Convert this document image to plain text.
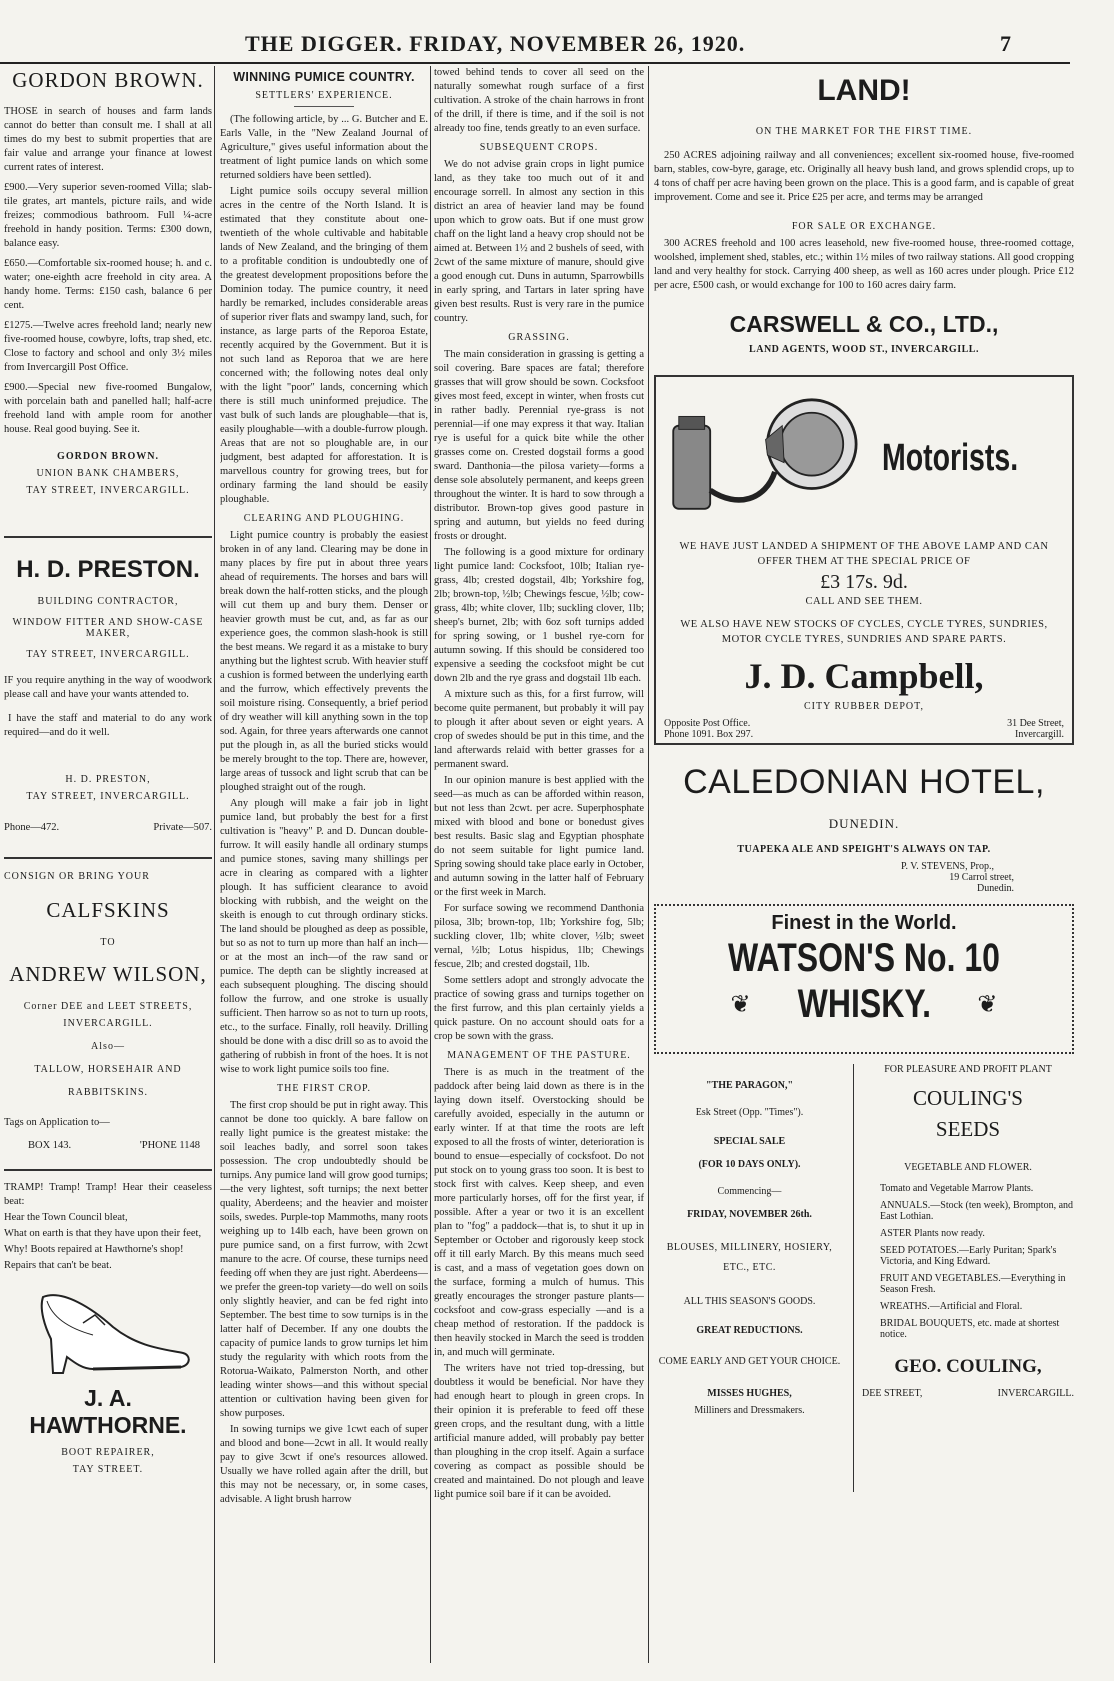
THE DIGGER. FRIDAY, NOVEMBER 26, 1920.	7
GORDON BROWN.

THOSE in search of houses and farm lands cannot do better than consult me. I shall at all times do my best to submit properties that are fair value and arrange your finance at lowest current rates of interest.

£900.—Very superior seven-roomed Villa; slab-tile grates, art mantels, picture rails, and wide freizes; commodious bathroom. Full ¼-acre freehold in handy position. Terms: £300 down, balance easy.

£650.—Comfortable six-roomed house; h. and c. water; one-eighth acre freehold in city area. A handy home. Terms: £150 cash, balance 6 per cent.

£1275.—Twelve acres freehold land; nearly new five-roomed house, cowbyre, lofts, trap shed, etc. Close to factory and school and only 3½ miles from Invercargill Post Office.

£900.—Special new five-roomed Bungalow, with porcelain bath and panelled hall; half-acre freehold land with ample room for another house. Real good buying. See it.

GORDON BROWN.
UNION BANK CHAMBERS,
TAY STREET, INVERCARGILL.
H. D. PRESTON.
BUILDING CONTRACTOR,
WINDOW FITTER AND SHOW-CASE MAKER,
TAY STREET, INVERCARGILL.

IF you require anything in the way of woodwork please call and have your wants attended to.

I have the staff and material to do any work required—and do it well.

H. D. PRESTON,
TAY STREET, INVERCARGILL.
Phone—472.	Private—507.
CONSIGN OR BRING YOUR
CALFSKINS
TO
ANDREW WILSON,
Corner DEE and LEET STREETS,
INVERCARGILL.
Also—
TALLOW, HORSEHAIR AND
RABBITSKINS.

Tags on Application to—

BOX 143.	'PHONE 1148

TRAMP! Tramp! Tramp! Hear their ceaseless beat:

Hear the Town Council bleat,

What on earth is that they have upon their feet,

Why! Boots repaired at Hawthorne's shop!

Repairs that can't be beat.

J. A. HAWTHORNE.
BOOT REPAIRER,
TAY STREET.
WINNING PUMICE COUNTRY.
SETTLERS' EXPERIENCE.

(The following article, by ... G. Butcher and E. Earls Valle, in the "New Zealand Journal of Agriculture," gives useful information about the treatment of light pumice lands on which some returned soldiers have been settled).

Light pumice soils occupy several million acres in the centre of the North Island. It is estimated that they constitute about one-twentieth of the whole cultivable and habitable lands of New Zealand, and the bringing of them to a profitable condition is undoubtedly one of the greatest development propositions before the Dominion today. The pumice country, it need hardly be remarked, includes considerable areas of superior river flats and swampy land, such, for instance, as large parts of the Reporoa Estate, recently acquired by the Government. But it is not such land as Reporoa that we are here concerned with; the following notes deal only with the light "poor" lands, concerning which there is still much uninformed prejudice. The vast bulk of such lands are ploughable—that is, easily ploughable—with a double-furrow plough. Areas that are not so ploughable are, in our judgment, best adapted for afforestation. It is marvellous country for growing trees, but for ordinary farming the land should be easily ploughable.

CLEARING AND PLOUGHING.

Light pumice country is probably the easiest broken in of any land. Clearing may be done in many places by fire put in about three years ahead of requirements. The horses and bars will break down the half-rotten sticks, and the plough will cut them up and bury them. Denser or heavier growth must be cut, and, as far as our experience goes, the common slash-hook is still the best means. We regard it as a mistake to bury anything but the lightest scrub. With heavier stuff a cushion is formed between the underlying earth and the furrow, which effectively prevents the soil moisture rising. Consequently, a brief period of dry weather will kill anything sown in the top sod. Again, for three years afterwards one cannot put the plough in, as all the buried sticks would be merely brought to the top. There are, however, large areas of tussock and light scrub that can be ploughed straight out of the rough.

Any plough will make a fair job in light pumice land, but probably the best for a first cultivation is "heavy" P. and D. Duncan double-furrow. It will easily handle all ordinary stumps and pumice stones, saving many shillings per acre in clearing as compared with a lighter plough. It has sufficient clearance to avoid blocking with rubbish, and the weight on the skeith is enough to cut through ordinary sticks. The land should be ploughed as deep as possible, but so as not to turn up more than half an inch—or at the most an inch—of the raw sand or pumice. The depth can be slightly increased at each subsequent ploughing. The discing should follow the furrow, and one stroke is usually sufficient. Then harrow so as not to turn up roots, etc., to the surface. Finally, roll heavily. Drilling should be done with a disc drill so as to avoid the gathering of rubbish in front of the hoes. It is not wise to work light pumice soils too fine.

THE FIRST CROP.

The first crop should be put in right away. This cannot be done too quickly. A bare fallow on really light pumice is the greatest mistake: the soil leaches badly, and sorrel soon takes possession. The crop undoubtedly should be turnips. Any pumice land will grow good turnips; —the very lightest, soft turnips; the next better quality, Aberdeens; and the heavier and moister soils, swedes. Purple-top Mammoths, many roots weighing up to 14lb each, have been grown on pure pumice sand, on a first furrow, with 2cwt manure to the acre. Of course, these turnips need feeding off when they are just right. Aberdeens—we prefer the green-top variety—do well on soils only slightly heavier, and can be fed right into September. The best time to sow turnips is in the latter half of December. If any one doubts the capacity of pumice lands to grow turnips let him study the regularity with which roots from the Rotorua-Waikato, Palmerston North, and other leading winter shows—and this without special attention or cultivation having been given for show purposes.

In sowing turnips we give 1cwt each of super and blood and bone—2cwt in all. It would really pay to give 3cwt if one's resources allowed. Usually we have rolled again after the drill, but this may not be necessary, or, in some cases, advisable. A light brush harrow

towed behind tends to cover all seed on the naturally somewhat rough surface of a first cultivation. A stroke of the chain harrows in front of the drill, if there is time, and if the soil is not already too fine, tends greatly to an even surface.

SUBSEQUENT CROPS.

We do not advise grain crops in light pumice land, as they take too much out of it and encourage sorrell. In almost any section in this district an area of heavier land may be found upon which to grow oats. But if one must grow chaff on the light land a heavy crop should not be aimed at. Between 1½ and 2 bushels of seed, with 2cwt of the same mixture of manure, should give a good enough cut. Duns in autumn, Sparrowbills in early spring, and Tartars in later spring have given best results. Rust is very rare in the pumice country.

GRASSING.

The main consideration in grassing is getting a soil covering. Bare spaces are fatal; therefore grasses that will grow should be sown. Cocksfoot gives most feed, except in winter, when frosts cut in rather badly. Perennial rye-grass is not perennial—if one may express it that way. Italian rye is useful for a quick bite while the other grasses come on. Crested dogstail forms a good sward. Danthonia—the pilosa variety—forms a dense sole absolutely permanent, and keeps green throughout the winter. It is hard to sow through a distributor. Brown-top gives good pasture in spring and autumn, but yields no feed during frosts or drought.

The following is a good mixture for ordinary light pumice land: Cocksfoot, 10lb; Italian rye-grass, 4lb; crested dogstail, 4lb; Yorkshire fog, 2lb; brown-top, ½lb; Chewings fescue, ½lb; cow-grass, 4lb; white clover, 1lb; suckling clover, 1lb; sheep's burnet, 2lb; with 6oz soft turnips added for spring sowing, or 1 bushel rye-corn for autumn sowing. If this should be considered too expensive a seeding the cocksfoot might be cut down 2lb and the rye grass and dogstail 1lb each.

A mixture such as this, for a first furrow, will become quite permanent, but probably it will pay to plough it after about seven or eight years. A crop of swedes should be put in this time, and the land afterwards relaid with better grasses for a permanent sward.

In our opinion manure is best applied with the seed—as much as can be afforded within reason, but not less than 2cwt. per acre. Superphosphate mixed with blood and bone or bonedust gives best results. Basic slag and Egyptian phosphate do not seem suitable for light pumice land. Spring sowing should take place early in October, and autumn sowing in the latter half of February or the first week in March.

For surface sowing we recommend Danthonia pilosa, 3lb; brown-top, 1lb; Yorkshire fog, 5lb; suckling clover, 1lb; white clover, ½lb; sweet vernal, ½lb; Lotus hispidus, 1lb; Chewings fescue, 2lb; and crested dogstail, 1lb.

Some settlers adopt and strongly advocate the practice of sowing grass and turnips together on the first furrow, and this plan certainly yields a quick pasture. On no account should oats for a crop be sown with the grass.

MANAGEMENT OF THE PASTURE.

There is as much in the treatment of the paddock after being laid down as there is in the laying down itself. Overstocking should be carefully avoided, especially in the autumn or early winter. If at that time the roots are left exposed to all the frosts of winter, deterioration is bound to ensue—especially of cocksfoot. Do not put stock on to young grass too soon. It is best to stock first with calves. Keep sheep, and even more particularly horses, off for the first year, if possible. After a year or two it is an excellent plan to "fog" a paddock—that is, to shut it up in September or October and rigorously keep stock off it till early March. By this means much seed is cast, and a mass of vegetation goes down on the surface, forming a mulch of humus. This greatly encourages the stronger pasture plants—cocksfoot and cow-grass especially —and is a cheap method of restoration. If the paddock is then heavily stocked in March the seed is trodden in, and much will germinate.

The writers have not tried top-dressing, but doubtless it would be beneficial. Nor have they had enough heart to plough in green crops. In their opinion it is preferable to feed off these green crops, and the resultant dung, with a little artificial manure added, will probably pay better than ploughing in the crop itself. Again a surface covering as compact as possible should be created and maintained. Do not plough and leave light pumice soil bare if it can be avoided.

LAND!
ON THE MARKET FOR THE FIRST TIME.

250 ACRES adjoining railway and all conveniences; excellent six-roomed house, five-roomed barn, stables, cow-byre, garage, etc. Originally all heavy bush land, and grows splendid crops, up to 4 tons of chaff per acre having been grown on the place. This is a good farm, and is capable of great improvement. Come and see it. Price £25 per acre, and terms may be arranged

FOR SALE OR EXCHANGE.

300 ACRES freehold and 100 acres leasehold, new five-roomed house, three-roomed cottage, woolshed, implement shed, stables, etc.; within 1½ miles of two railway stations. All good cropping land and very healthy for stock. Carrying 400 sheep, as well as 160 acres under plough. Price £12 per acre, £500 cash, or would exchange for 100 to 160 acres dairy farm.

CARSWELL & CO., LTD.,
LAND AGENTS, WOOD ST., INVERCARGILL.
Motorists.
WE HAVE JUST LANDED A SHIPMENT OF THE ABOVE LAMP AND CAN OFFER THEM AT THE SPECIAL PRICE OF
£3 17s. 9d.
CALL AND SEE THEM.
WE ALSO HAVE NEW STOCKS OF CYCLES, CYCLE TYRES, SUNDRIES, MOTOR CYCLE TYRES, SUNDRIES AND SPARE PARTS.
J. D. Campbell,
CITY RUBBER DEPOT,
Opposite Post Office.
Phone 1091. Box 297.
31 Dee Street,
Invercargill.
CALEDONIAN HOTEL,
DUNEDIN.
TUAPEKA ALE AND SPEIGHT'S ALWAYS ON TAP.
P. V. STEVENS, Prop.,
19 Carrol street,
Dunedin.
Finest in the World.
WATSON'S No. 10
❦ WHISKY. ❦
"THE PARAGON,"
Esk Street (Opp. "Times").
SPECIAL SALE
(FOR 10 DAYS ONLY).
Commencing—
FRIDAY, NOVEMBER 26th.
BLOUSES, MILLINERY, HOSIERY, ETC., ETC.
ALL THIS SEASON'S GOODS.
GREAT REDUCTIONS.
COME EARLY AND GET YOUR CHOICE.
MISSES HUGHES,
Milliners and Dressmakers.
FOR PLEASURE AND PROFIT PLANT
COULING'S
SEEDS
VEGETABLE AND FLOWER.
Tomato and Vegetable Marrow Plants.
ANNUALS.—Stock (ten week), Brompton, and East Lothian.
ASTER Plants now ready.
SEED POTATOES.—Early Puritan; Spark's Victoria, and King Edward.
FRUIT AND VEGETABLES.—Everything in Season Fresh.
WREATHS.—Artificial and Floral.
BRIDAL BOUQUETS, etc. made at shortest notice.
GEO. COULING,
DEE STREET,	INVERCARGILL.
